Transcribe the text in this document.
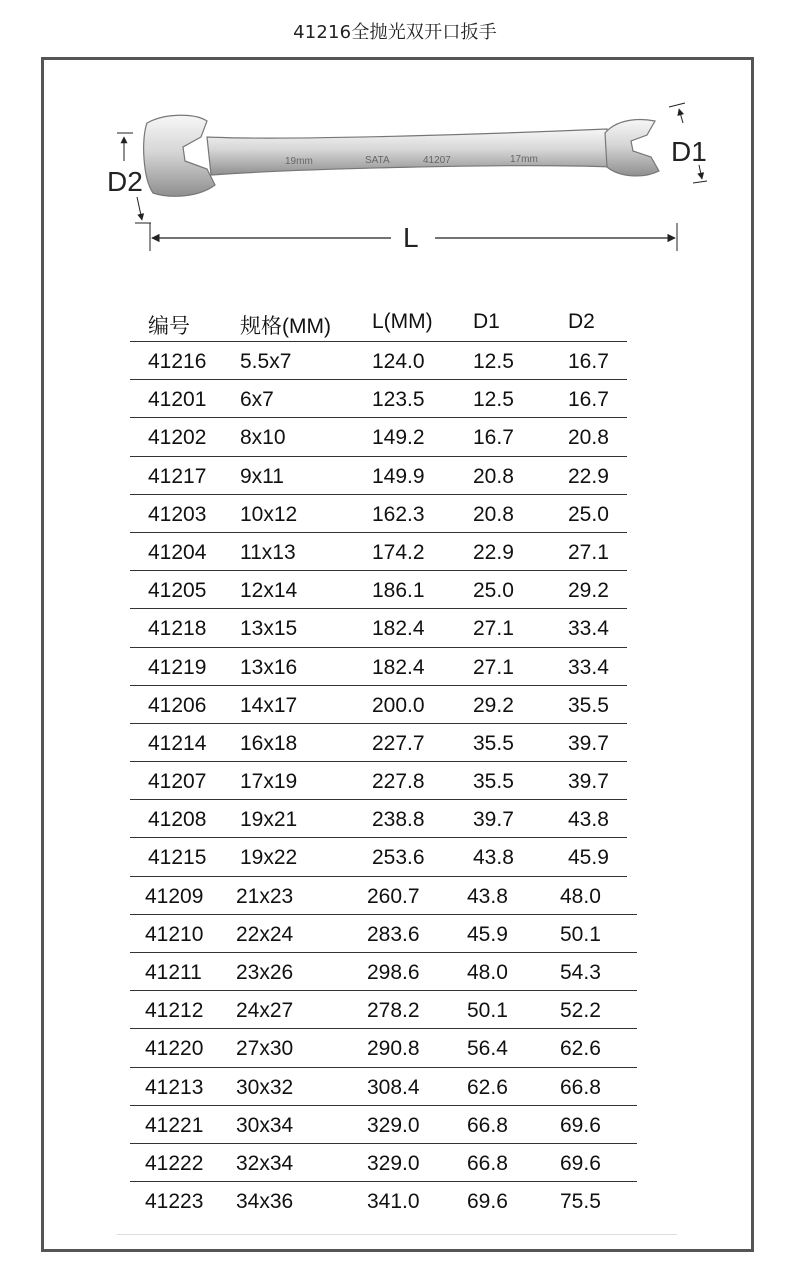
41216全抛光双开口扳手
19mm	SATA	41207	17mm
D2
D1
L
编号 规格(MM) L(MM) D1	D2
41216 5.5x7	124.0 12.5	16.7
41201 6x7	123.5 12.5	16.7
41202 8x10	149.2 16.7	20.8
41217 9x11	149.9 20.8	22.9
41203 10x12	162.3 20.8	25.0
41204 11x13	174.2 22.9	27.1
41205 12x14	186.1 25.0	29.2
41218 13x15	182.4 27.1	33.4
41219 13x16	182.4 27.1	33.4
41206 14x17	200.0 29.2	35.5
41214 16x18	227.7 35.5	39.7
41207 17x19	227.8 35.5	39.7
41208 19x21	238.8 39.7	43.8
41215 19x22	253.6 43.8	45.9
41209 21x23	260.7 43.8 48.0
41210 22x24	283.6 45.9 50.1
41211 23x26	298.6 48.0 54.3
41212 24x27	278.2 50.1 52.2
41220 27x30	290.8 56.4 62.6
41213 30x32	308.4 62.6 66.8
41221 30x34	329.0 66.8 69.6
41222 32x34	329.0 66.8 69.6
41223 34x36	341.0 69.6 75.5
